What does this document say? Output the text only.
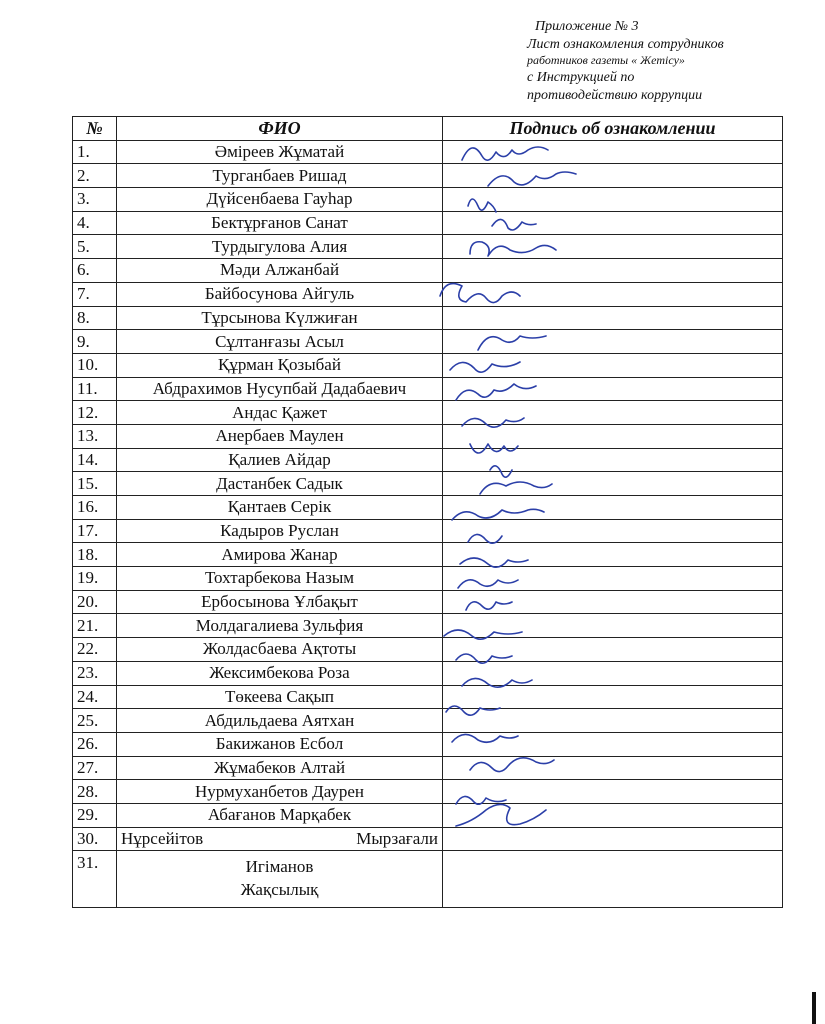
Приложение № 3
Лист ознакомления сотрудников
работников газеты « Жетісу»
с Инструкцией по
противодействию коррупции
№	ФИО	Подпись об ознакомлении
1.	Әміреев Жұматай	
2.	Турганбаев Ришад	
3.	Дүйсенбаева Гауһар	
4.	Бектұрғанов Санат	
5.	Турдыгулова Алия	
6.	Мәди Алжанбай	
7.	Байбосунова Айгуль	
8.	Тұрсынова Күлжиған	
9.	Сұлтанғазы Асыл	
10.	Құрман Қозыбай	
11.	Абдрахимов Нусупбай Дадабаевич	
12.	Андас Қажет	
13.	Анербаев Маулен	
14.	Қалиев Айдар	
15.	Дастанбек Садык	
16.	Қантаев Серік	
17.	Кадыров Руслан	
18.	Амирова Жанар	
19.	Тохтарбекова Назым	
20.	Ербосынова Ұлбақыт	
21.	Молдагалиева Зульфия	
22.	Жолдасбаева Ақтоты	
23.	Жексимбекова Роза	
24.	Төкеева Сақып	
25.	Абдильдаева Аятхан	
26.	Бакижанов Есбол	
27.	Жұмабеков Алтай	
28.	Нурмуханбетов Даурен	
29.	Абағанов Марқабек	
30.	Нұрсейітов Мырзағали	

31.	Игіманов
Жақсылық	
